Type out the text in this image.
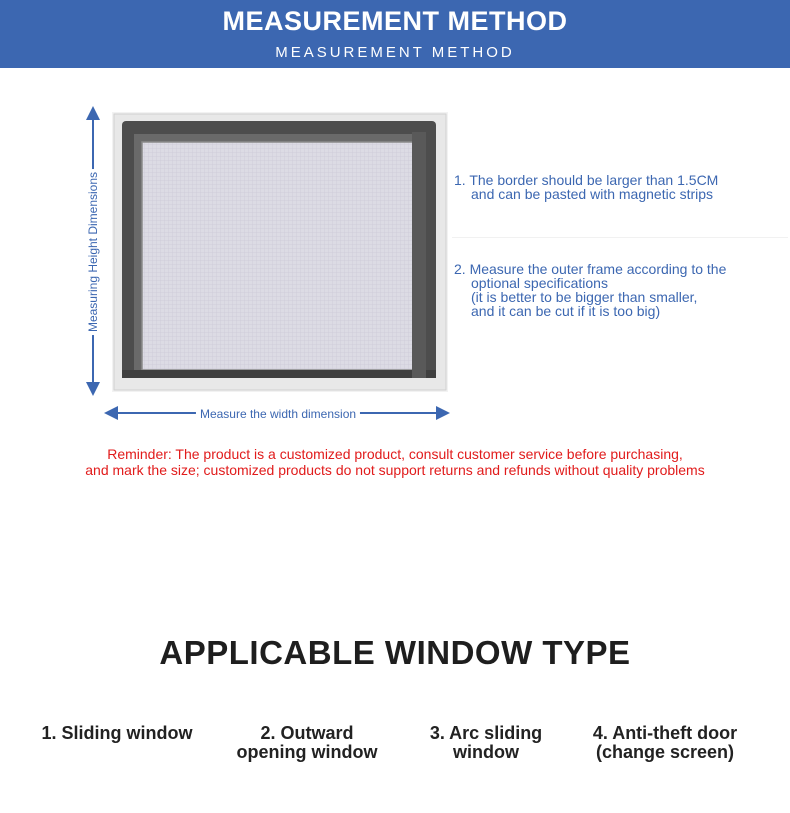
MEASUREMENT METHOD
MEASUREMENT METHOD
Measuring Height Dimensions
Measure the width dimension
1. The border should be larger than 1.5CM
and can be pasted with magnetic strips
2. Measure the outer frame according to the
optional specifications
(it is better to be bigger than smaller,
and it can be cut if it is too big)
Reminder: The product is a customized product, consult customer service before purchasing,
and mark the size; customized products do not support returns and refunds without quality problems
APPLICABLE WINDOW TYPE
1. Sliding window	2. Outward
opening window
3. Arc sliding
window
4. Anti-theft door
(change screen)
